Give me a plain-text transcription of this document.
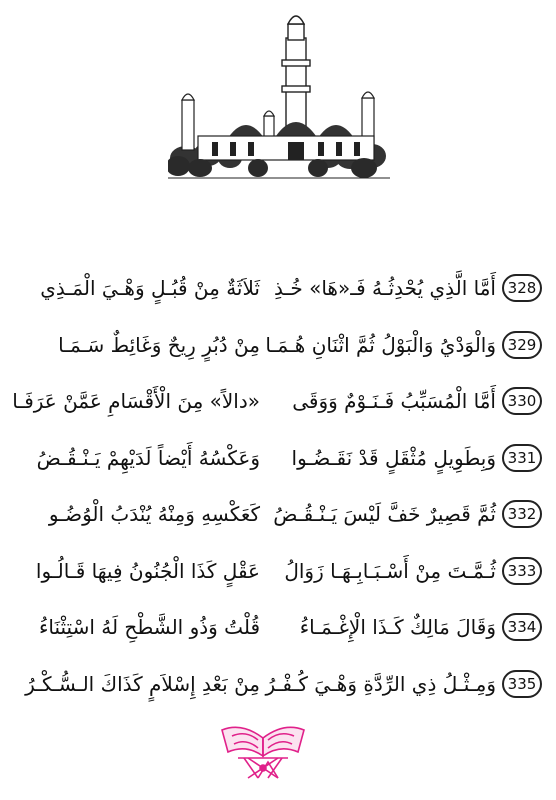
328
أَمَّا الَّذِي يُحْدِثُـهُ فَـ«هَا» خُـذِ
ثَلاَثَةٌ مِنْ قُبُـلٍ وَهْـيَ الْمَـذِي
329
وَالْوَدْيُ وَالْبَوْلُ ثُمَّ اثْنَانِ هُـمَـا
مِنْ دُبُرٍ رِيحٌ وَغَائِطٌ سَـمَـا
330
أَمَّا الْمُسَبِّبُ فَـنَـوْمٌ وَوَقَى
«دالاً» مِنَ الْأَقْسَامِ عَمَّنْ عَرَفَـا
331
وَبِطَوِيلٍ مُثْقَلٍ قَدْ نَقَـضُـوا
وَعَكْسُهُ أَيْضاً لَدَيْهِمْ يَـنْـقُـضُ
332
ثُمَّ قَصِيرٌ خَفَّ لَيْسَ يَـنْـقُـضُ
كَعَكْسِهِ وَمِنْهُ يُنْدَبُ الْوُضُـو
333
ثُـمَّـتَ مِنْ أَسْـبَـابِـهَـا زَوَالُ
عَقْلٍ كَذَا الْجُنُونُ فِيهَا قَـالُـوا
334
وَقَالَ مَالِكٌ كَـذَا الْإِغْـمَـاءُ
قُلْتُ وَذُو الشَّطْحِ لَهُ اسْتِثْنَاءُ
335
وَمِـثْـلُ ذِي الرِّدَّةِ وَهْـيَ كُـفْـرُ
مِنْ بَعْدِ إِسْلاَمٍ كَذَاكَ الـسُّـكْـرُ
